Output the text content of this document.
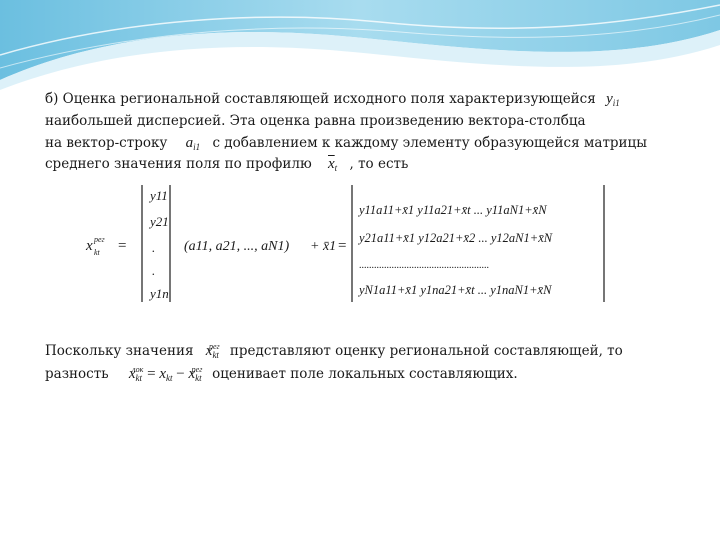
б) Оценка региональной составляющей исходного поля характеризующейся $y_{i1}$
наибольшей дисперсией. Эта оценка равна произведению вектора-столбца
на вектор-строку $a_{i1}$ с добавлением к каждому элементу образующейся матрицы
среднего значения поля по профилю $\overline{x}_t$ , то есть
x рег
kt =
y11
y21
.
.
y1n
(a11, a21, ..., aN1) + x̄1 =
y11a11+x̄1 y11a21+x̄t ... y11aN1+x̄N
y21a11+x̄1 y12a21+x̄2 ... y12aN1+x̄N
....................................................
yN1a11+x̄1 y1na21+x̄t ... y1naN1+x̄N
Поскольку значения $x_{kt}^{рег}$ представляют оценку региональной составляющей, то
разность $x_{kt}^{лок} = x_{kt} - x_{kt}^{рег}$ оценивает поле локальных составляющих.
